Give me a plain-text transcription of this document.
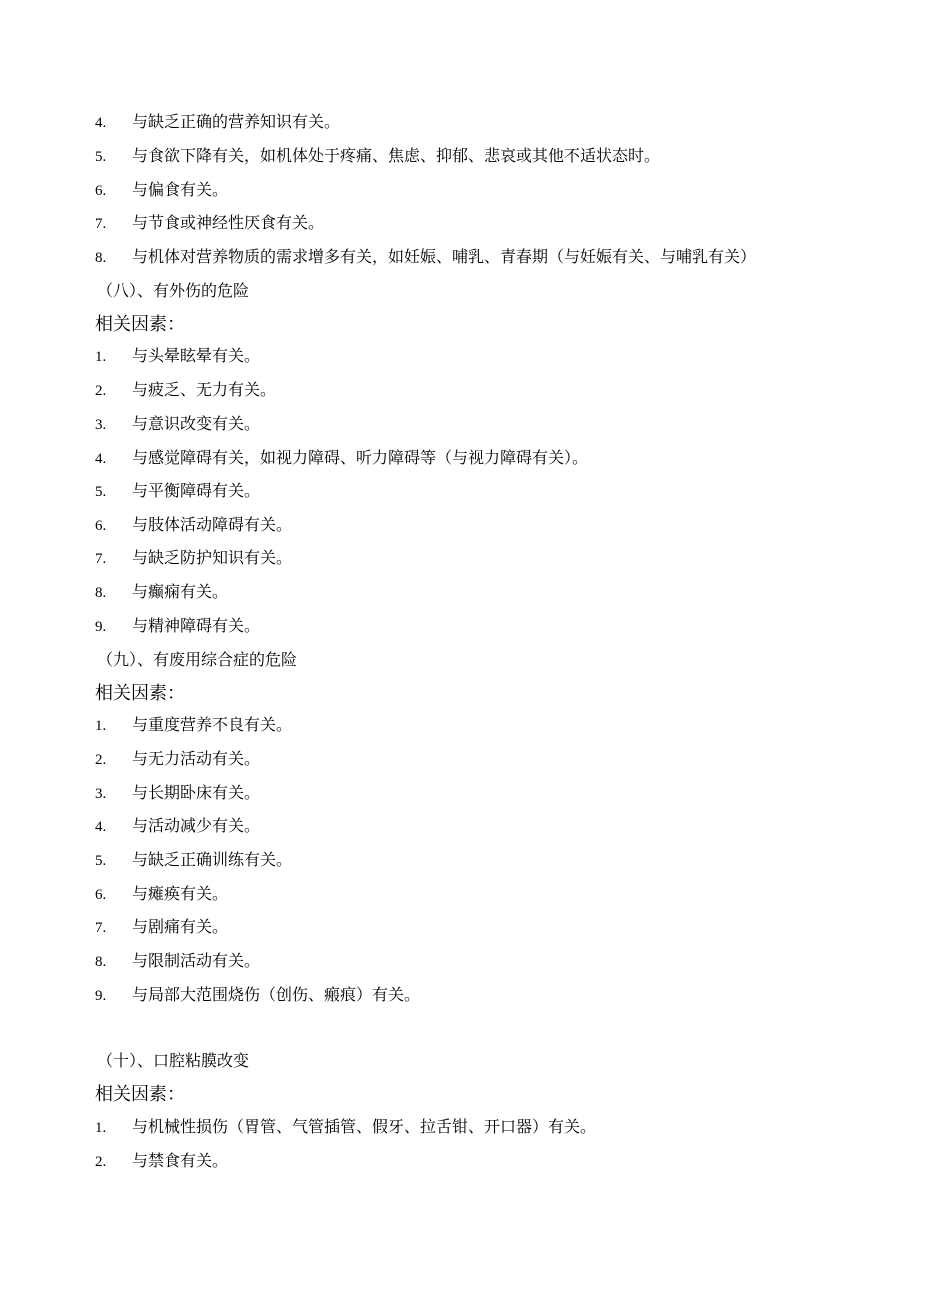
4. 与缺乏正确的营养知识有关。
5. 与食欲下降有关，如机体处于疼痛、焦虑、抑郁、悲哀或其他不适状态时。
6. 与偏食有关。
7. 与节食或神经性厌食有关。
8. 与机体对营养物质的需求增多有关，如妊娠、哺乳、青春期（与妊娠有关、与哺乳有关）
（八）、有外伤的危险
相关因素：
1. 与头晕眩晕有关。
2. 与疲乏、无力有关。
3. 与意识改变有关。
4. 与感觉障碍有关，如视力障碍、听力障碍等（与视力障碍有关）。
5. 与平衡障碍有关。
6. 与肢体活动障碍有关。
7. 与缺乏防护知识有关。
8. 与癫痫有关。
9. 与精神障碍有关。
（九）、有废用综合症的危险
相关因素：
1. 与重度营养不良有关。
2. 与无力活动有关。
3. 与长期卧床有关。
4. 与活动减少有关。
5. 与缺乏正确训练有关。
6. 与瘫痪有关。
7. 与剧痛有关。
8. 与限制活动有关。
9. 与局部大范围烧伤（创伤、瘢痕）有关。
（十）、口腔粘膜改变
相关因素：
1. 与机械性损伤（胃管、气管插管、假牙、拉舌钳、开口器）有关。
2. 与禁食有关。
